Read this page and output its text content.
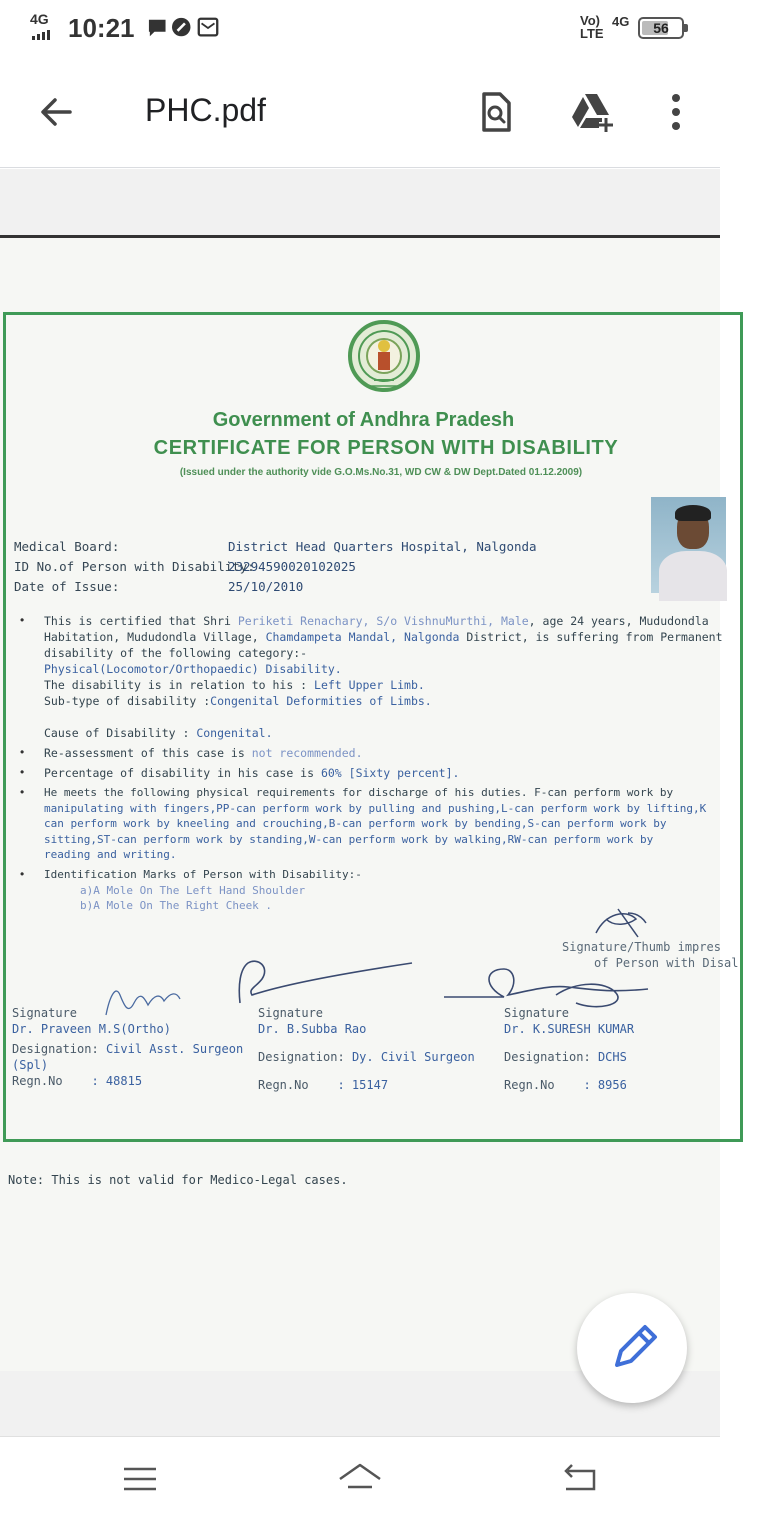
4G 10:21	Vo) LTE
4G	56
PHC.pdf
Government of Andhra Pradesh
CERTIFICATE FOR PERSON WITH DISABILITY
(Issued under the authority vide G.O.Ms.No.31, WD CW & DW Dept.Dated 01.12.2009)
Medical Board:	District Head Quarters Hospital, Nalgonda
ID No.of Person with Disability:
23294590020102025
Date of Issue:	25/10/2010
• This is certified that Shri Periketi Renachary, S/o VishnuMurthi, Male, age 24 years, Mududondla
Habitation, Mududondla Village, Chamdampeta Mandal, Nalgonda District, is suffering from Permanent
disability of the following category:-
Physical(Locomotor/Orthopaedic) Disability.
The disability is in relation to his : Left Upper Limb.
Sub-type of disability :Congenital Deformities of Limbs.
Cause of Disability : Congenital.
• Re-assessment of this case is not recommended.
• Percentage of disability in his case is 60% [Sixty percent].
• He meets the following physical requirements for discharge of his duties. F-can perform work by
manipulating with fingers,PP-can perform work by pulling and pushing,L-can perform work by lifting,K
can perform work by kneeling and crouching,B-can perform work by bending,S-can perform work by
sitting,ST-can perform work by standing,W-can perform work by walking,RW-can perform work by
reading and writing.
• Identification Marks of Person with Disability:-
a)A Mole On The Left Hand Shoulder
b)A Mole On The Right Cheek .
Signature/Thumb impres
of Person with Disal
Signature
Dr. Praveen M.S(Ortho)
Designation: Civil Asst. Surgeon
(Spl)
Regn.No : 48815
Signature
Dr. B.Subba Rao
Designation: Dy. Civil Surgeon
Regn.No : 15147
Signature
Dr. K.SURESH KUMAR
Designation: DCHS
Regn.No : 8956
Note: This is not valid for Medico-Legal cases.
